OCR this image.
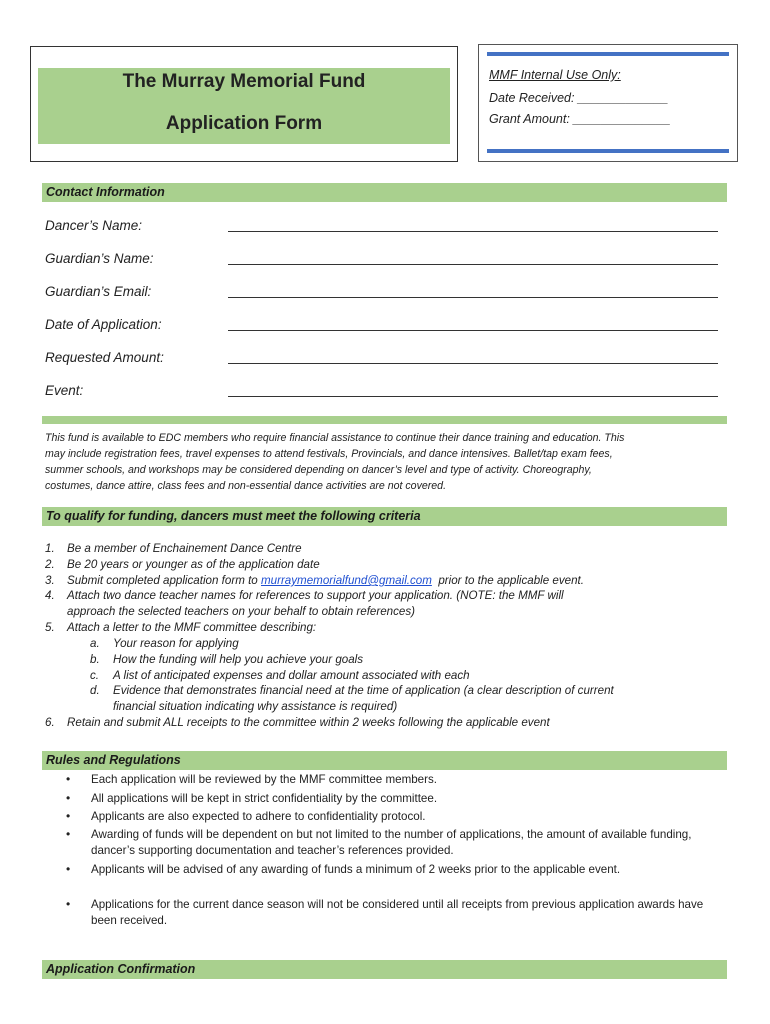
The Murray Memorial Fund
Application Form
MMF Internal Use Only:
Date Received: _____________
Grant Amount: ______________
Contact Information
Dancer’s Name:
Guardian’s Name:
Guardian’s Email:
Date of Application:
Requested Amount:
Event:
This fund is available to EDC members who require financial assistance to continue their dance training and education. This
may include registration fees, travel expenses to attend festivals, Provincials, and dance intensives. Ballet/tap exam fees,
summer schools, and workshops may be considered depending on dancer’s level and type of activity. Choreography,
costumes, dance attire, class fees and non-essential dance activities are not covered.
To qualify for funding, dancers must meet the following criteria
1. Be a member of Enchainement Dance Centre
2. Be 20 years or younger as of the application date
3. Submit completed application form to murraymemorialfund@gmail.com  prior to the applicable event.
4. Attach two dance teacher names for references to support your application. (NOTE: the MMF will
approach the selected teachers on your behalf to obtain references)
5. Attach a letter to the MMF committee describing:
a. Your reason for applying
b. How the funding will help you achieve your goals
c. A list of anticipated expenses and dollar amount associated with each
d. Evidence that demonstrates financial need at the time of application (a clear description of current
financial situation indicating why assistance is required)
6. Retain and submit ALL receipts to the committee within 2 weeks following the applicable event
Rules and Regulations
• Each application will be reviewed by the MMF committee members.
• All applications will be kept in strict confidentiality by the committee.
• Applicants are also expected to adhere to confidentiality protocol.
• Awarding of funds will be dependent on but not limited to the number of applications, the amount of available funding, dancer’s supporting documentation and teacher’s references provided.
• Applicants will be advised of any awarding of funds a minimum of 2 weeks prior to the applicable event.
• Applications for the current dance season will not be considered until all receipts from previous application awards have been received.
Application Confirmation
